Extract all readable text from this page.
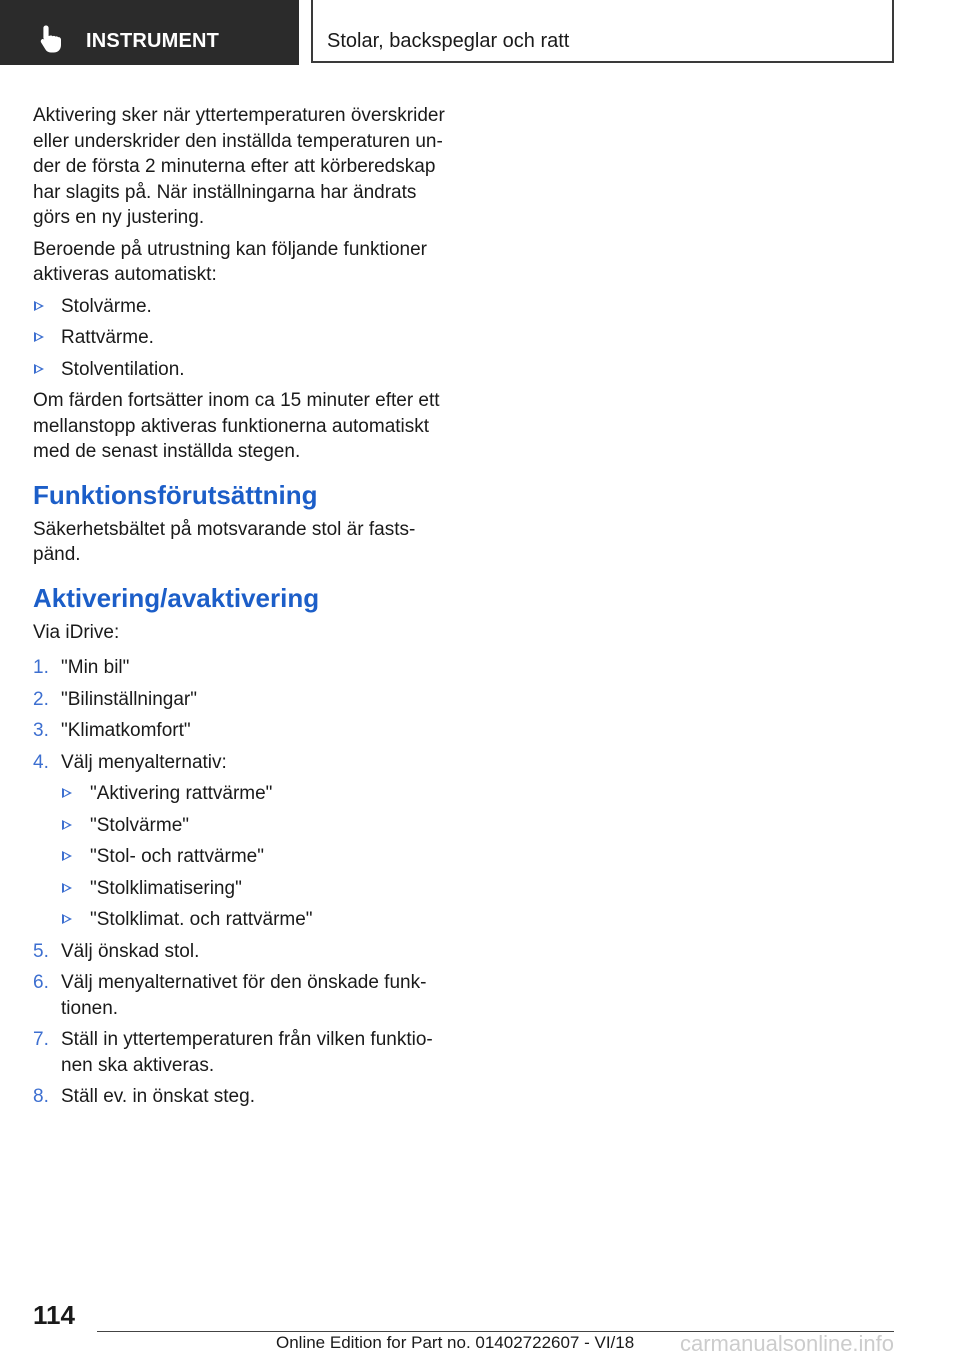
INSTRUMENT	Stolar, backspeglar och ratt

Aktivering sker när yttertemperaturen överskrider eller underskrider den inställda temperaturen un-der de första 2 minuterna efter att körberedskap har slagits på. När inställningarna har ändrats görs en ny justering.

Beroende på utrustning kan följande funktioner aktiveras automatiskt:

Stolvärme.
Rattvärme.
Stolventilation.

Om färden fortsätter inom ca 15 minuter efter ett mellanstopp aktiveras funktionerna automatiskt med de senast inställda stegen.

Funktionsförutsättning

Säkerhetsbältet på motsvarande stol är fasts-pänd.

Aktivering/avaktivering

Via iDrive:

1. "Min bil"
2. "Bilinställningar"
3. "Klimatkomfort"
4. Välj menyalternativ:
"Aktivering rattvärme"
"Stolvärme"
"Stol- och rattvärme"
"Stolklimatisering"
"Stolklimat. och rattvärme"
5. Välj önskad stol.
6. Välj menyalternativet för den önskade funk-tionen.
7. Ställ in yttertemperaturen från vilken funktio-nen ska aktiveras.
8. Ställ ev. in önskat steg.
114
Online Edition for Part no. 01402722607 - VI/18 carmanualsonline.info
